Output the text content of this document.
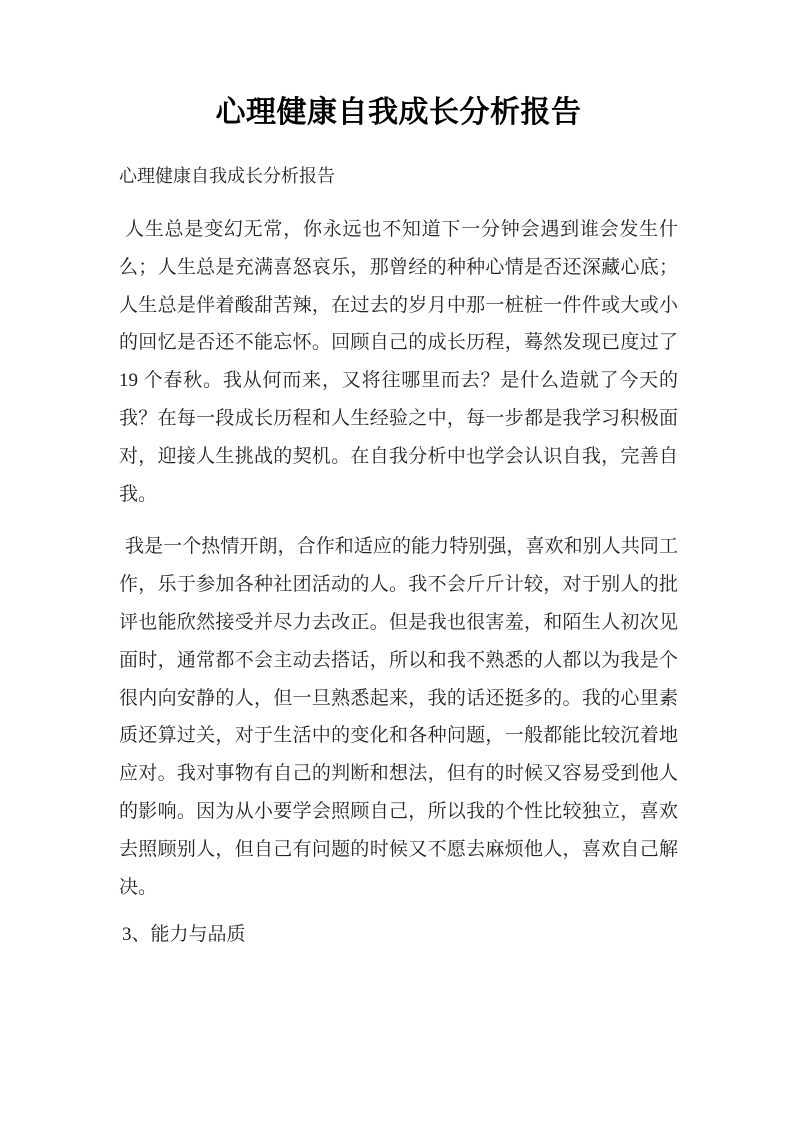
心理健康自我成长分析报告

心理健康自我成长分析报告

人生总是变幻无常，你永远也不知道下一分钟会遇到谁会发生什
么；人生总是充满喜怒哀乐，那曾经的种种心情是否还深藏心底；
人生总是伴着酸甜苦辣，在过去的岁月中那一桩桩一件件或大或小
的回忆是否还不能忘怀。回顾自己的成长历程，蓦然发现已度过了
19 个春秋。我从何而来，又将往哪里而去？是什么造就了今天的
我？在每一段成长历程和人生经验之中，每一步都是我学习积极面
对，迎接人生挑战的契机。在自我分析中也学会认识自我，完善自
我。
我是一个热情开朗，合作和适应的能力特别强，喜欢和别人共同工
作，乐于参加各种社团活动的人。我不会斤斤计较，对于别人的批
评也能欣然接受并尽力去改正。但是我也很害羞，和陌生人初次见
面时，通常都不会主动去搭话，所以和我不熟悉的人都以为我是个
很内向安静的人，但一旦熟悉起来，我的话还挺多的。我的心里素
质还算过关，对于生活中的变化和各种问题，一般都能比较沉着地
应对。我对事物有自己的判断和想法，但有的时候又容易受到他人
的影响。因为从小要学会照顾自己，所以我的个性比较独立，喜欢
去照顾别人，但自己有问题的时候又不愿去麻烦他人，喜欢自己解
决。

3、能力与品质
